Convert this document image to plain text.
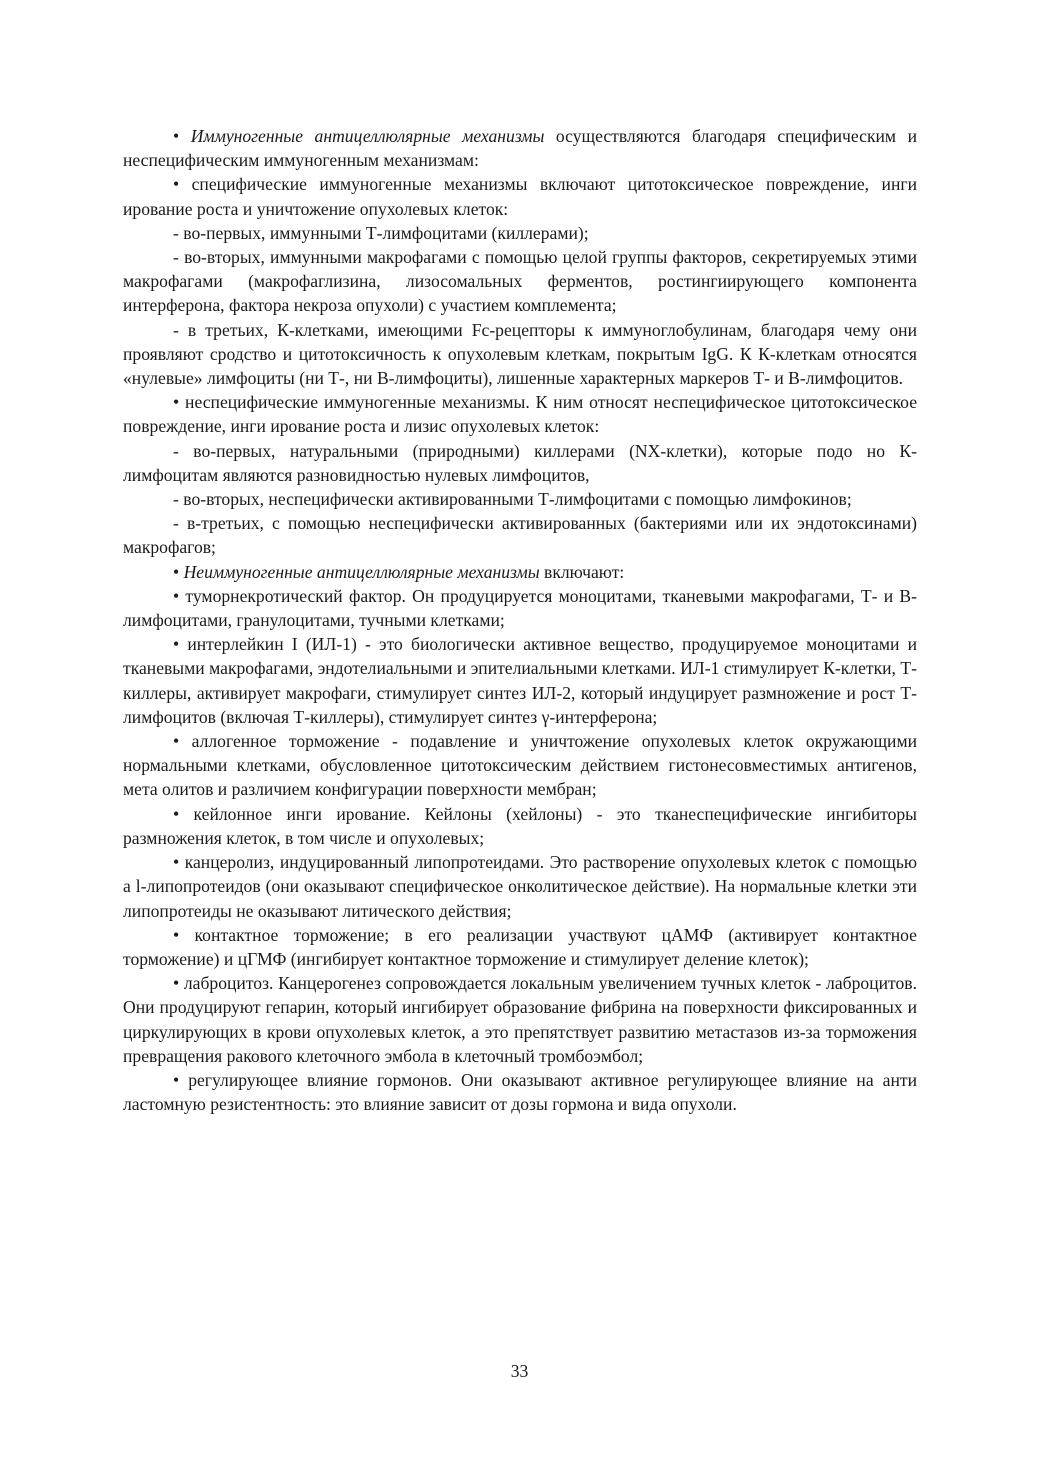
• Иммуногенные антицеллюлярные механизмы осуществляются благодаря специфическим и неспецифическим иммуногенным механизмам:

• специфические иммуногенные механизмы включают цитотоксическое повреждение, инги ирование роста и уничтожение опухолевых клеток:

- во-первых, иммунными Т-лимфоцитами (киллерами);

- во-вторых, иммунными макрофагами с помощью целой группы факторов, секретируемых этими макрофагами (макрофаглизина, лизосомальных ферментов, ростингиирующего компонента интерферона, фактора некроза опухоли) с участием комплемента;

- в третьих, К-клетками, имеющими Fc-рецепторы к иммуноглобулинам, благодаря чему они проявляют сродство и цитотоксичность к опухолевым клеткам, покрытым IgG. К К-клеткам относятся «нулевые» лимфоциты (ни Т-, ни В-лимфоциты), лишенные характерных маркеров Т- и В-лимфоцитов.

• неспецифические иммуногенные механизмы. К ним относят неспецифическое цитотоксическое повреждение, инги ирование роста и лизис опухолевых клеток:

- во-первых, натуральными (природными) киллерами (NX-клетки), которые подо но К-лимфоцитам являются разновидностью нулевых лимфоцитов,

- во-вторых, неспецифически активированными Т-лимфоцитами с помощью лимфокинов;

- в-третьих, с помощью неспецифически активированных (бактериями или их эндотоксинами) макрофагов;

• Неиммуногенные антицеллюлярные механизмы включают:

• туморнекротический фактор. Он продуцируется моноцитами, тканевыми макрофагами, Т- и В-лимфоцитами, гранулоцитами, тучными клетками;

• интерлейкин I (ИЛ-1) - это биологически активное вещество, продуцируемое моноцитами и тканевыми макрофагами, эндотелиальными и эпителиальными клетками. ИЛ-1 стимулирует К-клетки, Т-киллеры, активирует макрофаги, стимулирует синтез ИЛ-2, который индуцирует размножение и рост Т-лимфоцитов (включая Т-киллеры), стимулирует синтез γ-интерферона;

• аллогенное торможение - подавление и уничтожение опухолевых клеток окружающими нормальными клетками, обусловленное цитотоксическим действием гистонесовместимых антигенов, мета олитов и различием конфигурации поверхности мембран;

• кейлонное инги ирование. Кейлоны (хейлоны) - это тканеспецифические ингибиторы размножения клеток, в том числе и опухолевых;

• канцеролиз, индуцированный липопротеидами. Это растворение опухолевых клеток с помощью а l-липопротеидов (они оказывают специфическое онколитическое действие). На нормальные клетки эти липопротеиды не оказывают литического действия;

• контактное торможение; в его реализации участвуют цАМФ (активирует контактное торможение) и цГМФ (ингибирует контактное торможение и стимулирует деление клеток);

• лаброцитоз. Канцерогенез сопровождается локальным увеличением тучных клеток - лаброцитов. Они продуцируют гепарин, который ингибирует образование фибрина на поверхности фиксированных и циркулирующих в крови опухолевых клеток, а это препятствует развитию метастазов из-за торможения превращения ракового клеточного эмбола в клеточный тромбоэмбол;

• регулирующее влияние гормонов. Они оказывают активное регулирующее влияние на анти ластомную резистентность: это влияние зависит от дозы гормона и вида опухоли.

33
